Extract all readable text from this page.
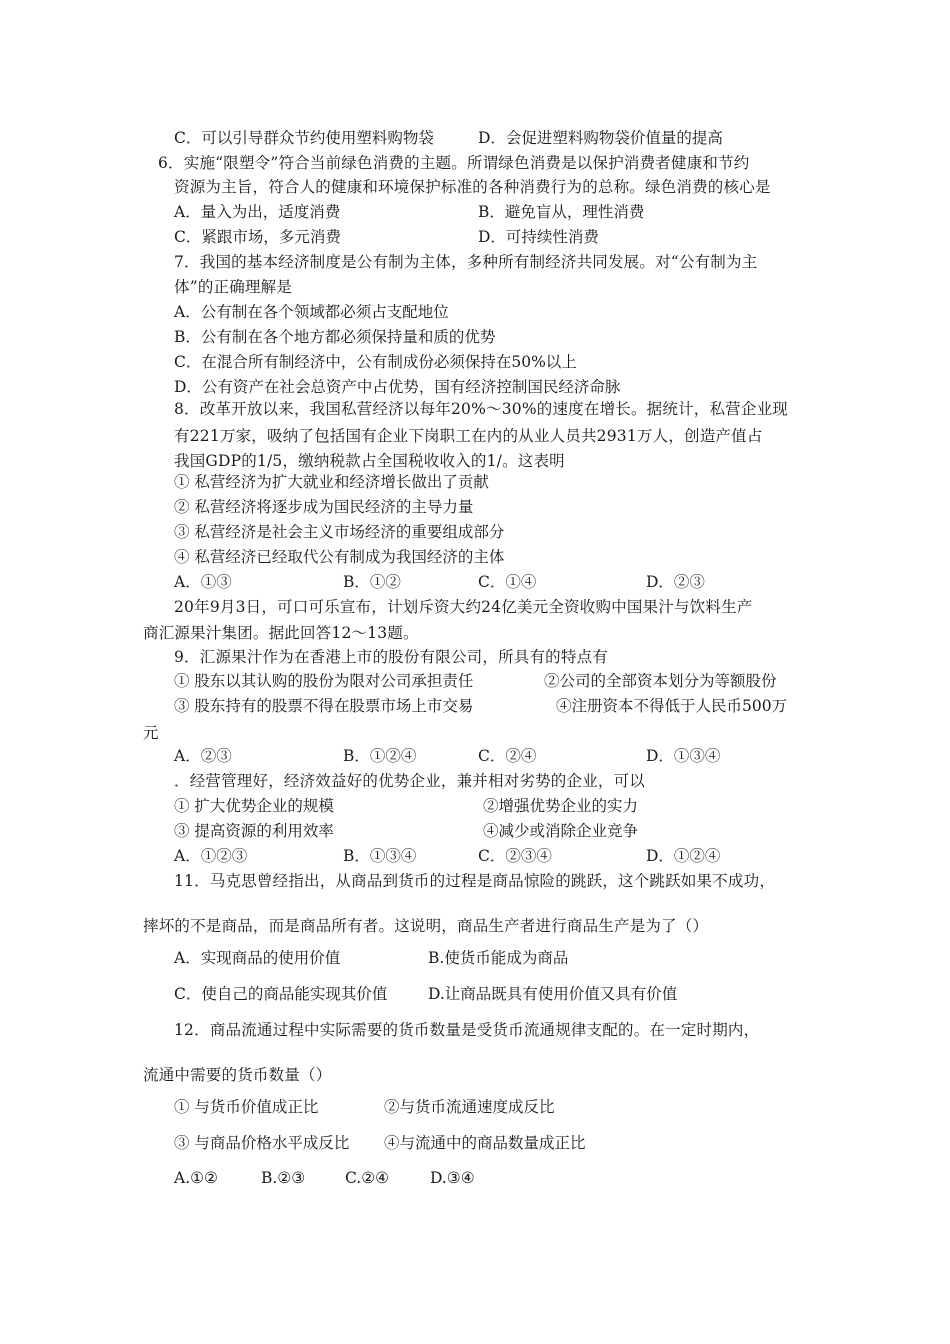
C．可以引导群众节约使用塑料购物袋	D．会促进塑料购物袋价值量的提高
6．实施“限塑令”符合当前绿色消费的主题。所谓绿色消费是以保护消费者健康和节约
资源为主旨，符合人的健康和环境保护标准的各种消费行为的总称。绿色消费的核心是
A．量入为出，适度消费	B．避免盲从，理性消费
C．紧跟市场，多元消费	D．可持续性消费
7．我国的基本经济制度是公有制为主体，多种所有制经济共同发展。对“公有制为主
体”的正确理解是
A．公有制在各个领域都必须占支配地位
B．公有制在各个地方都必须保持量和质的优势
C．在混合所有制经济中，公有制成份必须保持在50%以上
D．公有资产在社会总资产中占优势，国有经济控制国民经济命脉
8．改革开放以来，我国私营经济以每年20%～30%的速度在增长。据统计，私营企业现
有221万家，吸纳了包括国有企业下岗职工在内的从业人员共2931万人，创造产值占
我国GDP的1/5，缴纳税款占全国税收收入的1/。这表明
① 私营经济为扩大就业和经济增长做出了贡献
② 私营经济将逐步成为国民经济的主导力量
③ 私营经济是社会主义市场经济的重要组成部分
④ 私营经济已经取代公有制成为我国经济的主体
A．①③	B．①②	C．①④	D．②③
20年9月3日，可口可乐宣布，计划斥资大约24亿美元全资收购中国果汁与饮料生产
商汇源果汁集团。据此回答12～13题。
9．汇源果汁作为在香港上市的股份有限公司，所具有的特点有
① 股东以其认购的股份为限对公司承担责任	②公司的全部资本划分为等额股份
③ 股东持有的股票不得在股票市场上市交易	④注册资本不得低于人民币500万
元
A．②③	B．①②④	C．②④	D．①③④
．经营管理好，经济效益好的优势企业，兼并相对劣势的企业，可以
① 扩大优势企业的规模	②增强优势企业的实力
③ 提高资源的利用效率	④减少或消除企业竞争
A．①②③	B．①③④	C．②③④	D．①②④
11．马克思曾经指出，从商品到货币的过程是商品惊险的跳跃，这个跳跃如果不成功，
摔坏的不是商品，而是商品所有者。这说明，商品生产者进行商品生产是为了（）
A．实现商品的使用价值	B.使货币能成为商品
C．使自己的商品能实现其价值	D.让商品既具有使用价值又具有价值
12．商品流通过程中实际需要的货币数量是受货币流通规律支配的。在一定时期内，
流通中需要的货币数量（）
① 与货币价值成正比	②与货币流通速度成反比
③ 与商品价格水平成反比 ④与流通中的商品数量成正比
A.①②	B.②③	C.②④	D.③④
